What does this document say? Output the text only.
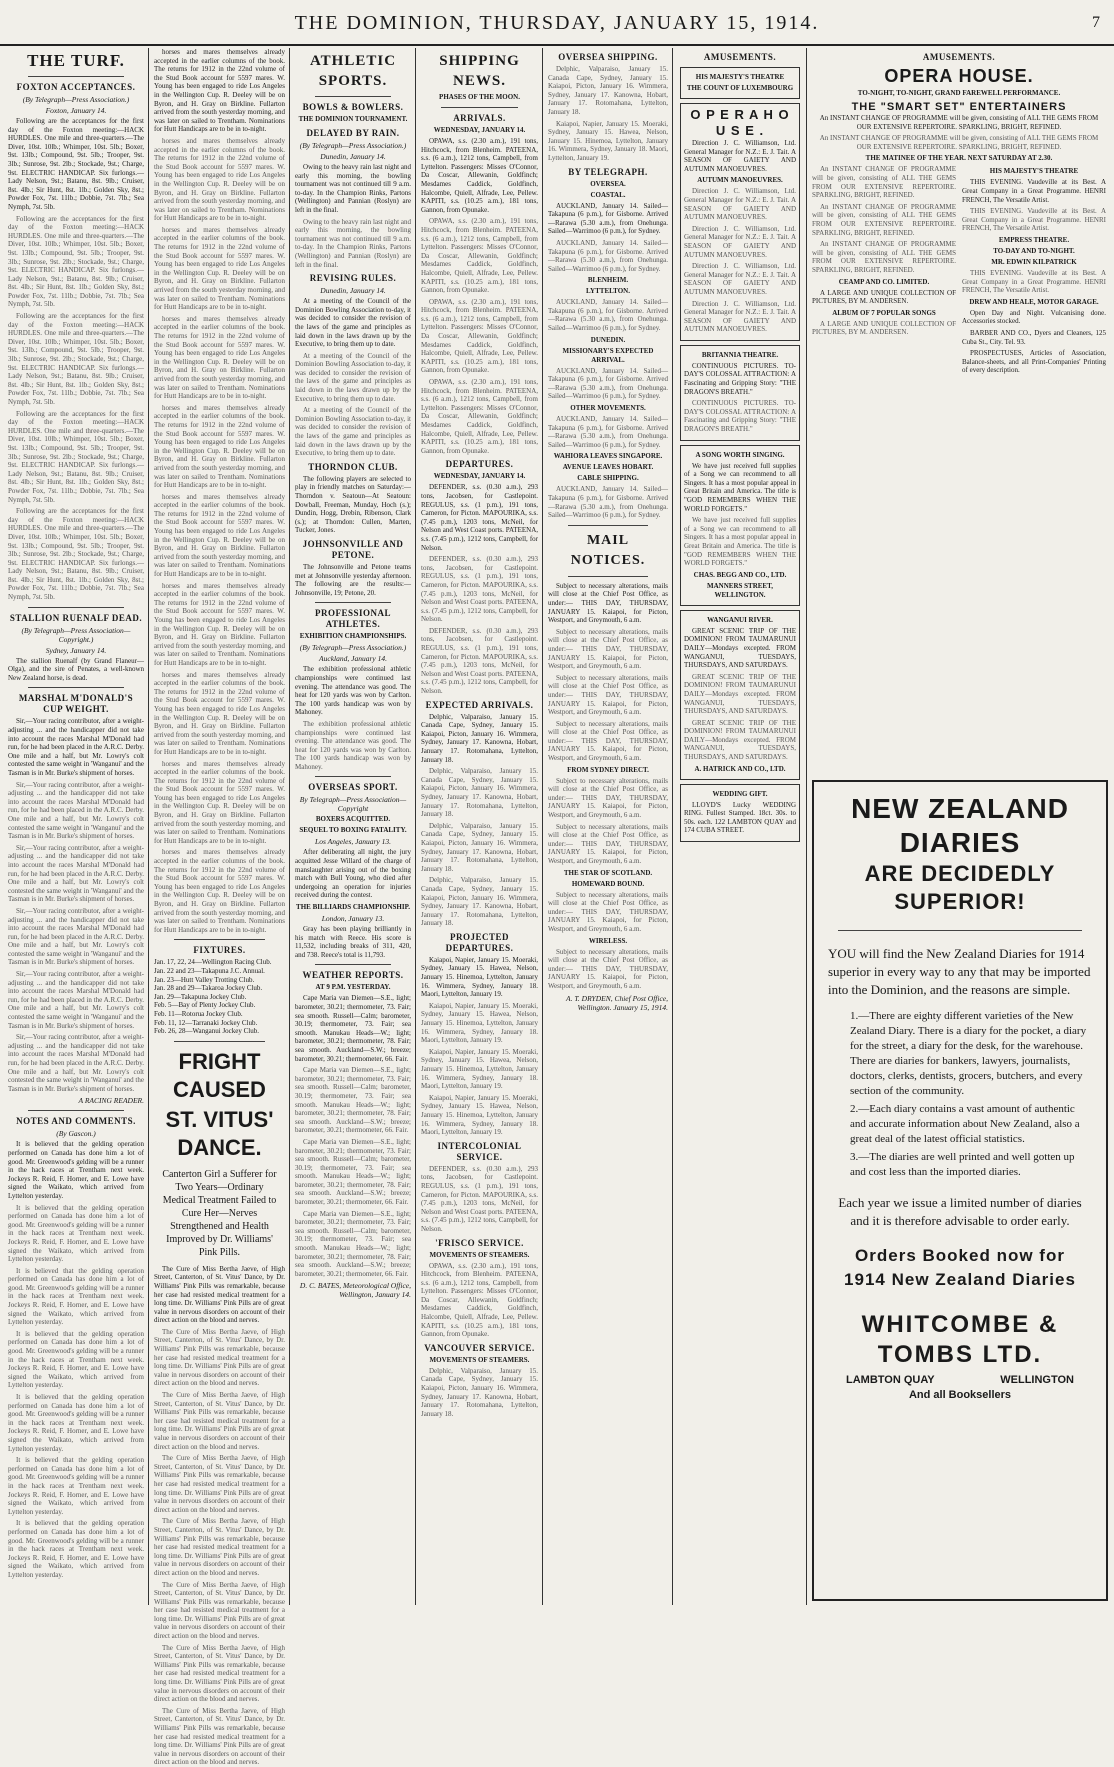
THE DOMINION, THURSDAY, JANUARY 15, 1914.	7
THE TURF.
FOXTON ACCEPTANCES.
(By Telegraph—Press Association.)
Foxton, January 14.

Following are the acceptances for the first day of the Foxton meeting:—HACK HURDLES. One mile and three-quarters.—The Diver, 10st. 10lb.; Whimper, 10st. 5lb.; Boxer, 9st. 13lb.; Compound, 9st. 5lb.; Trooper, 9st. 3lb.; Sunrose, 9st. 2lb.; Stockade, 9st.; Charge, 9st. ELECTRIC HANDICAP. Six furlongs.—Lady Nelson, 9st.; Batanu, 8st. 9lb.; Cruiser, 8st. 4lb.; Sir Hunt, 8st. 1lb.; Golden Sky, 8st.; Powder Fox, 7st. 11lb.; Dobbie, 7st. 7lb.; Sea Nymph, 7st. 5lb.

Following are the acceptances for the first day of the Foxton meeting:—HACK HURDLES. One mile and three-quarters.—The Diver, 10st. 10lb.; Whimper, 10st. 5lb.; Boxer, 9st. 13lb.; Compound, 9st. 5lb.; Trooper, 9st. 3lb.; Sunrose, 9st. 2lb.; Stockade, 9st.; Charge, 9st. ELECTRIC HANDICAP. Six furlongs.—Lady Nelson, 9st.; Batanu, 8st. 9lb.; Cruiser, 8st. 4lb.; Sir Hunt, 8st. 1lb.; Golden Sky, 8st.; Powder Fox, 7st. 11lb.; Dobbie, 7st. 7lb.; Sea Nymph, 7st. 5lb.

Following are the acceptances for the first day of the Foxton meeting:—HACK HURDLES. One mile and three-quarters.—The Diver, 10st. 10lb.; Whimper, 10st. 5lb.; Boxer, 9st. 13lb.; Compound, 9st. 5lb.; Trooper, 9st. 3lb.; Sunrose, 9st. 2lb.; Stockade, 9st.; Charge, 9st. ELECTRIC HANDICAP. Six furlongs.—Lady Nelson, 9st.; Batanu, 8st. 9lb.; Cruiser, 8st. 4lb.; Sir Hunt, 8st. 1lb.; Golden Sky, 8st.; Powder Fox, 7st. 11lb.; Dobbie, 7st. 7lb.; Sea Nymph, 7st. 5lb.

Following are the acceptances for the first day of the Foxton meeting:—HACK HURDLES. One mile and three-quarters.—The Diver, 10st. 10lb.; Whimper, 10st. 5lb.; Boxer, 9st. 13lb.; Compound, 9st. 5lb.; Trooper, 9st. 3lb.; Sunrose, 9st. 2lb.; Stockade, 9st.; Charge, 9st. ELECTRIC HANDICAP. Six furlongs.—Lady Nelson, 9st.; Batanu, 8st. 9lb.; Cruiser, 8st. 4lb.; Sir Hunt, 8st. 1lb.; Golden Sky, 8st.; Powder Fox, 7st. 11lb.; Dobbie, 7st. 7lb.; Sea Nymph, 7st. 5lb.

Following are the acceptances for the first day of the Foxton meeting:—HACK HURDLES. One mile and three-quarters.—The Diver, 10st. 10lb.; Whimper, 10st. 5lb.; Boxer, 9st. 13lb.; Compound, 9st. 5lb.; Trooper, 9st. 3lb.; Sunrose, 9st. 2lb.; Stockade, 9st.; Charge, 9st. ELECTRIC HANDICAP. Six furlongs.—Lady Nelson, 9st.; Batanu, 8st. 9lb.; Cruiser, 8st. 4lb.; Sir Hunt, 8st. 1lb.; Golden Sky, 8st.; Powder Fox, 7st. 11lb.; Dobbie, 7st. 7lb.; Sea Nymph, 7st. 5lb.

STALLION RUENALF DEAD.
(By Telegraph—Press Association—Copyright.)
Sydney, January 14.

The stallion Ruenalf (by Grand Flaneur—Olga), and the sire of Penates, a well-known New Zealand horse, is dead.

MARSHAL M'DONALD'S CUP WEIGHT.

Sir,—Your racing contributor, after a weight-adjusting ... and the handicapper did not take into account the races Marshal M'Donald had run, for he had been placed in the A.R.C. Derby. One mile and a half, but Mr. Lowry's colt contested the same weight in 'Wanganui' and the Tasman is in Mr. Burke's shipment of horses.

Sir,—Your racing contributor, after a weight-adjusting ... and the handicapper did not take into account the races Marshal M'Donald had run, for he had been placed in the A.R.C. Derby. One mile and a half, but Mr. Lowry's colt contested the same weight in 'Wanganui' and the Tasman is in Mr. Burke's shipment of horses.

Sir,—Your racing contributor, after a weight-adjusting ... and the handicapper did not take into account the races Marshal M'Donald had run, for he had been placed in the A.R.C. Derby. One mile and a half, but Mr. Lowry's colt contested the same weight in 'Wanganui' and the Tasman is in Mr. Burke's shipment of horses.

Sir,—Your racing contributor, after a weight-adjusting ... and the handicapper did not take into account the races Marshal M'Donald had run, for he had been placed in the A.R.C. Derby. One mile and a half, but Mr. Lowry's colt contested the same weight in 'Wanganui' and the Tasman is in Mr. Burke's shipment of horses.

Sir,—Your racing contributor, after a weight-adjusting ... and the handicapper did not take into account the races Marshal M'Donald had run, for he had been placed in the A.R.C. Derby. One mile and a half, but Mr. Lowry's colt contested the same weight in 'Wanganui' and the Tasman is in Mr. Burke's shipment of horses.

Sir,—Your racing contributor, after a weight-adjusting ... and the handicapper did not take into account the races Marshal M'Donald had run, for he had been placed in the A.R.C. Derby. One mile and a half, but Mr. Lowry's colt contested the same weight in 'Wanganui' and the Tasman is in Mr. Burke's shipment of horses.

A RACING READER.
NOTES AND COMMENTS.
(By Gascon.)

It is believed that the gelding operation performed on Canada has done him a lot of good. Mr. Greenwood's gelding will be a runner in the hack races at Trentham next week. Jockeys R. Reid, F. Horner, and E. Lowe have signed the Waikato, which arrived from Lyttelton yesterday.

It is believed that the gelding operation performed on Canada has done him a lot of good. Mr. Greenwood's gelding will be a runner in the hack races at Trentham next week. Jockeys R. Reid, F. Horner, and E. Lowe have signed the Waikato, which arrived from Lyttelton yesterday.

It is believed that the gelding operation performed on Canada has done him a lot of good. Mr. Greenwood's gelding will be a runner in the hack races at Trentham next week. Jockeys R. Reid, F. Horner, and E. Lowe have signed the Waikato, which arrived from Lyttelton yesterday.

It is believed that the gelding operation performed on Canada has done him a lot of good. Mr. Greenwood's gelding will be a runner in the hack races at Trentham next week. Jockeys R. Reid, F. Horner, and E. Lowe have signed the Waikato, which arrived from Lyttelton yesterday.

It is believed that the gelding operation performed on Canada has done him a lot of good. Mr. Greenwood's gelding will be a runner in the hack races at Trentham next week. Jockeys R. Reid, F. Horner, and E. Lowe have signed the Waikato, which arrived from Lyttelton yesterday.

It is believed that the gelding operation performed on Canada has done him a lot of good. Mr. Greenwood's gelding will be a runner in the hack races at Trentham next week. Jockeys R. Reid, F. Horner, and E. Lowe have signed the Waikato, which arrived from Lyttelton yesterday.

It is believed that the gelding operation performed on Canada has done him a lot of good. Mr. Greenwood's gelding will be a runner in the hack races at Trentham next week. Jockeys R. Reid, F. Horner, and E. Lowe have signed the Waikato, which arrived from Lyttelton yesterday.

horses and mares themselves already accepted in the earlier columns of the book. The returns for 1912 in the 22nd volume of the Stud Book account for 5597 mares. W. Young has been engaged to ride Los Angeles in the Wellington Cup. R. Deeley will be on Byron, and H. Gray on Birkline. Fullarton arrived from the south yesterday morning, and was later on sailed to Trentham. Nominations for Hutt Handicaps are to be in to-night.

horses and mares themselves already accepted in the earlier columns of the book. The returns for 1912 in the 22nd volume of the Stud Book account for 5597 mares. W. Young has been engaged to ride Los Angeles in the Wellington Cup. R. Deeley will be on Byron, and H. Gray on Birkline. Fullarton arrived from the south yesterday morning, and was later on sailed to Trentham. Nominations for Hutt Handicaps are to be in to-night.

horses and mares themselves already accepted in the earlier columns of the book. The returns for 1912 in the 22nd volume of the Stud Book account for 5597 mares. W. Young has been engaged to ride Los Angeles in the Wellington Cup. R. Deeley will be on Byron, and H. Gray on Birkline. Fullarton arrived from the south yesterday morning, and was later on sailed to Trentham. Nominations for Hutt Handicaps are to be in to-night.

horses and mares themselves already accepted in the earlier columns of the book. The returns for 1912 in the 22nd volume of the Stud Book account for 5597 mares. W. Young has been engaged to ride Los Angeles in the Wellington Cup. R. Deeley will be on Byron, and H. Gray on Birkline. Fullarton arrived from the south yesterday morning, and was later on sailed to Trentham. Nominations for Hutt Handicaps are to be in to-night.

horses and mares themselves already accepted in the earlier columns of the book. The returns for 1912 in the 22nd volume of the Stud Book account for 5597 mares. W. Young has been engaged to ride Los Angeles in the Wellington Cup. R. Deeley will be on Byron, and H. Gray on Birkline. Fullarton arrived from the south yesterday morning, and was later on sailed to Trentham. Nominations for Hutt Handicaps are to be in to-night.

horses and mares themselves already accepted in the earlier columns of the book. The returns for 1912 in the 22nd volume of the Stud Book account for 5597 mares. W. Young has been engaged to ride Los Angeles in the Wellington Cup. R. Deeley will be on Byron, and H. Gray on Birkline. Fullarton arrived from the south yesterday morning, and was later on sailed to Trentham. Nominations for Hutt Handicaps are to be in to-night.

horses and mares themselves already accepted in the earlier columns of the book. The returns for 1912 in the 22nd volume of the Stud Book account for 5597 mares. W. Young has been engaged to ride Los Angeles in the Wellington Cup. R. Deeley will be on Byron, and H. Gray on Birkline. Fullarton arrived from the south yesterday morning, and was later on sailed to Trentham. Nominations for Hutt Handicaps are to be in to-night.

horses and mares themselves already accepted in the earlier columns of the book. The returns for 1912 in the 22nd volume of the Stud Book account for 5597 mares. W. Young has been engaged to ride Los Angeles in the Wellington Cup. R. Deeley will be on Byron, and H. Gray on Birkline. Fullarton arrived from the south yesterday morning, and was later on sailed to Trentham. Nominations for Hutt Handicaps are to be in to-night.

horses and mares themselves already accepted in the earlier columns of the book. The returns for 1912 in the 22nd volume of the Stud Book account for 5597 mares. W. Young has been engaged to ride Los Angeles in the Wellington Cup. R. Deeley will be on Byron, and H. Gray on Birkline. Fullarton arrived from the south yesterday morning, and was later on sailed to Trentham. Nominations for Hutt Handicaps are to be in to-night.

horses and mares themselves already accepted in the earlier columns of the book. The returns for 1912 in the 22nd volume of the Stud Book account for 5597 mares. W. Young has been engaged to ride Los Angeles in the Wellington Cup. R. Deeley will be on Byron, and H. Gray on Birkline. Fullarton arrived from the south yesterday morning, and was later on sailed to Trentham. Nominations for Hutt Handicaps are to be in to-night.

FIXTURES.
Jan. 17, 22, 24—Wellington Racing Club.
Jan. 22 and 23—Takapuna J.C. Annual.
Jan. 23—Hutt Valley Trotting Club.
Jan. 28 and 29—Takaroa Jockey Club.
Jan. 29—Takapuna Jockey Club.
Feb. 5—Bay of Plenty Jockey Club.
Feb. 11—Rotorua Jockey Club.
Feb. 11, 12—Tarranaki Jockey Club.
Feb. 26, 28—Wanganui Jockey Club.
FRIGHT CAUSED
ST. VITUS' DANCE.
Canterton Girl a Sufferer for Two Years—Ordinary Medical Treatment Failed to Cure Her—Nerves Strengthened and Health Improved by Dr. Williams' Pink Pills.

The Cure of Miss Bertha Jaeve, of High Street, Canterton, of St. Vitus' Dance, by Dr. Williams' Pink Pills was remarkable, because her case had resisted medical treatment for a long time. Dr. Williams' Pink Pills are of great value in nervous disorders on account of their direct action on the blood and nerves.

The Cure of Miss Bertha Jaeve, of High Street, Canterton, of St. Vitus' Dance, by Dr. Williams' Pink Pills was remarkable, because her case had resisted medical treatment for a long time. Dr. Williams' Pink Pills are of great value in nervous disorders on account of their direct action on the blood and nerves.

The Cure of Miss Bertha Jaeve, of High Street, Canterton, of St. Vitus' Dance, by Dr. Williams' Pink Pills was remarkable, because her case had resisted medical treatment for a long time. Dr. Williams' Pink Pills are of great value in nervous disorders on account of their direct action on the blood and nerves.

The Cure of Miss Bertha Jaeve, of High Street, Canterton, of St. Vitus' Dance, by Dr. Williams' Pink Pills was remarkable, because her case had resisted medical treatment for a long time. Dr. Williams' Pink Pills are of great value in nervous disorders on account of their direct action on the blood and nerves.

The Cure of Miss Bertha Jaeve, of High Street, Canterton, of St. Vitus' Dance, by Dr. Williams' Pink Pills was remarkable, because her case had resisted medical treatment for a long time. Dr. Williams' Pink Pills are of great value in nervous disorders on account of their direct action on the blood and nerves.

The Cure of Miss Bertha Jaeve, of High Street, Canterton, of St. Vitus' Dance, by Dr. Williams' Pink Pills was remarkable, because her case had resisted medical treatment for a long time. Dr. Williams' Pink Pills are of great value in nervous disorders on account of their direct action on the blood and nerves.

The Cure of Miss Bertha Jaeve, of High Street, Canterton, of St. Vitus' Dance, by Dr. Williams' Pink Pills was remarkable, because her case had resisted medical treatment for a long time. Dr. Williams' Pink Pills are of great value in nervous disorders on account of their direct action on the blood and nerves.

The Cure of Miss Bertha Jaeve, of High Street, Canterton, of St. Vitus' Dance, by Dr. Williams' Pink Pills was remarkable, because her case had resisted medical treatment for a long time. Dr. Williams' Pink Pills are of great value in nervous disorders on account of their direct action on the blood and nerves.

ATHLETIC SPORTS.
BOWLS & BOWLERS.
THE DOMINION TOURNAMENT.
DELAYED BY RAIN.
(By Telegraph—Press Association.)
Dunedin, January 14.

Owing to the heavy rain last night and early this morning, the bowling tournament was not continued till 9 a.m. to-day. In the Champion Rinks, Partons (Wellington) and Pannian (Roslyn) are left in the final.

Owing to the heavy rain last night and early this morning, the bowling tournament was not continued till 9 a.m. to-day. In the Champion Rinks, Partons (Wellington) and Pannian (Roslyn) are left in the final.

REVISING RULES.
Dunedin, January 14.

At a meeting of the Council of the Dominion Bowling Association to-day, it was decided to consider the revision of the laws of the game and principles as laid down in the laws drawn up by the Executive, to bring them up to date.

At a meeting of the Council of the Dominion Bowling Association to-day, it was decided to consider the revision of the laws of the game and principles as laid down in the laws drawn up by the Executive, to bring them up to date.

At a meeting of the Council of the Dominion Bowling Association to-day, it was decided to consider the revision of the laws of the game and principles as laid down in the laws drawn up by the Executive, to bring them up to date.

THORNDON CLUB.

The following players are selected to play in friendly matches on Saturday:—Thorndon v. Seatoun—At Seatoun: Dowball, Freeman, Munday, Hoch (s.); Dundin, Hogg, Drebin, Ribenson, Clark (s.); at Thorndon: Cullen, Marten, Tucker, Jones.

JOHNSONVILLE AND PETONE.

The Johnsonville and Petone teams met at Johnsonville yesterday afternoon. The following are the results:—Johnsonville, 19; Petone, 20.

PROFESSIONAL ATHLETES.
EXHIBITION CHAMPIONSHIPS.
(By Telegraph—Press Association.)
Auckland, January 14.

The exhibition professional athletic championships were continued last evening. The attendance was good. The heat for 120 yards was won by Carlton. The 100 yards handicap was won by Mahoney.

The exhibition professional athletic championships were continued last evening. The attendance was good. The heat for 120 yards was won by Carlton. The 100 yards handicap was won by Mahoney.

OVERSEAS SPORT.
By Telegraph—Press Association—Copyright
BOXERS ACQUITTED.
SEQUEL TO BOXING FATALITY.
Los Angeles, January 13.

After deliberating all night, the jury acquitted Jesse Willard of the charge of manslaughter arising out of the boxing match with Bull Young, who died after undergoing an operation for injuries received during the contest.

THE BILLIARDS CHAMPIONSHIP.
London, January 13.

Gray has been playing brilliantly in his match with Reece. His score is 11,532, including breaks of 311, 420, and 738. Reece's total is 11,793.

WEATHER REPORTS.
AT 9 P.M. YESTERDAY.

Cape Maria van Diemen—S.E., light; barometer, 30.21; thermometer, 73. Fair; sea smooth. Russell—Calm; barometer, 30.19; thermometer, 73. Fair; sea smooth. Manukau Heads—W.; light; barometer, 30.21; thermometer, 78. Fair; sea smooth. Auckland—S.W.; breeze; barometer, 30.21; thermometer, 66. Fair.

Cape Maria van Diemen—S.E., light; barometer, 30.21; thermometer, 73. Fair; sea smooth. Russell—Calm; barometer, 30.19; thermometer, 73. Fair; sea smooth. Manukau Heads—W.; light; barometer, 30.21; thermometer, 78. Fair; sea smooth. Auckland—S.W.; breeze; barometer, 30.21; thermometer, 66. Fair.

Cape Maria van Diemen—S.E., light; barometer, 30.21; thermometer, 73. Fair; sea smooth. Russell—Calm; barometer, 30.19; thermometer, 73. Fair; sea smooth. Manukau Heads—W.; light; barometer, 30.21; thermometer, 78. Fair; sea smooth. Auckland—S.W.; breeze; barometer, 30.21; thermometer, 66. Fair.

Cape Maria van Diemen—S.E., light; barometer, 30.21; thermometer, 73. Fair; sea smooth. Russell—Calm; barometer, 30.19; thermometer, 73. Fair; sea smooth. Manukau Heads—W.; light; barometer, 30.21; thermometer, 78. Fair; sea smooth. Auckland—S.W.; breeze; barometer, 30.21; thermometer, 66. Fair.

D. C. BATES, Meteorological Office, Wellington, January 14.
SHIPPING NEWS.
PHASES OF THE MOON.
ARRIVALS.
WEDNESDAY, JANUARY 14.

OPAWA, s.s. (2.30 a.m.), 191 tons, Hitchcock, from Blenheim. PATEENA, s.s. (6 a.m.), 1212 tons, Campbell, from Lyttelton. Passengers: Misses O'Connor, Da Coscar, Allewanin, Goldfinch; Mesdames Caddick, Goldfinch, Halcombe, Quiell, Alfrade, Lee, Pellew. KAPITI, s.s. (10.25 a.m.), 181 tons, Gannon, from Opunake.

OPAWA, s.s. (2.30 a.m.), 191 tons, Hitchcock, from Blenheim. PATEENA, s.s. (6 a.m.), 1212 tons, Campbell, from Lyttelton. Passengers: Misses O'Connor, Da Coscar, Allewanin, Goldfinch; Mesdames Caddick, Goldfinch, Halcombe, Quiell, Alfrade, Lee, Pellew. KAPITI, s.s. (10.25 a.m.), 181 tons, Gannon, from Opunake.

OPAWA, s.s. (2.30 a.m.), 191 tons, Hitchcock, from Blenheim. PATEENA, s.s. (6 a.m.), 1212 tons, Campbell, from Lyttelton. Passengers: Misses O'Connor, Da Coscar, Allewanin, Goldfinch; Mesdames Caddick, Goldfinch, Halcombe, Quiell, Alfrade, Lee, Pellew. KAPITI, s.s. (10.25 a.m.), 181 tons, Gannon, from Opunake.

OPAWA, s.s. (2.30 a.m.), 191 tons, Hitchcock, from Blenheim. PATEENA, s.s. (6 a.m.), 1212 tons, Campbell, from Lyttelton. Passengers: Misses O'Connor, Da Coscar, Allewanin, Goldfinch; Mesdames Caddick, Goldfinch, Halcombe, Quiell, Alfrade, Lee, Pellew. KAPITI, s.s. (10.25 a.m.), 181 tons, Gannon, from Opunake.

DEPARTURES.
WEDNESDAY, JANUARY 14.

DEFENDER, s.s. (0.30 a.m.), 293 tons, Jacobsen, for Castlepoint. REGULUS, s.s. (1 p.m.), 191 tons, Cameron, for Picton. MAPOURIKA, s.s. (7.45 p.m.), 1203 tons, McNeil, for Nelson and West Coast ports. PATEENA, s.s. (7.45 p.m.), 1212 tons, Campbell, for Nelson.

DEFENDER, s.s. (0.30 a.m.), 293 tons, Jacobsen, for Castlepoint. REGULUS, s.s. (1 p.m.), 191 tons, Cameron, for Picton. MAPOURIKA, s.s. (7.45 p.m.), 1203 tons, McNeil, for Nelson and West Coast ports. PATEENA, s.s. (7.45 p.m.), 1212 tons, Campbell, for Nelson.

DEFENDER, s.s. (0.30 a.m.), 293 tons, Jacobsen, for Castlepoint. REGULUS, s.s. (1 p.m.), 191 tons, Cameron, for Picton. MAPOURIKA, s.s. (7.45 p.m.), 1203 tons, McNeil, for Nelson and West Coast ports. PATEENA, s.s. (7.45 p.m.), 1212 tons, Campbell, for Nelson.

EXPECTED ARRIVALS.

Delphic, Valparaiso, January 15. Canada Cape, Sydney, January 15. Kaiapoi, Picton, January 16. Wimmera, Sydney, January 17. Kanowna, Hobart, January 17. Rotomahana, Lyttelton, January 18.

Delphic, Valparaiso, January 15. Canada Cape, Sydney, January 15. Kaiapoi, Picton, January 16. Wimmera, Sydney, January 17. Kanowna, Hobart, January 17. Rotomahana, Lyttelton, January 18.

Delphic, Valparaiso, January 15. Canada Cape, Sydney, January 15. Kaiapoi, Picton, January 16. Wimmera, Sydney, January 17. Kanowna, Hobart, January 17. Rotomahana, Lyttelton, January 18.

Delphic, Valparaiso, January 15. Canada Cape, Sydney, January 15. Kaiapoi, Picton, January 16. Wimmera, Sydney, January 17. Kanowna, Hobart, January 17. Rotomahana, Lyttelton, January 18.

PROJECTED DEPARTURES.

Kaiapoi, Napier, January 15. Moeraki, Sydney, January 15. Hawea, Nelson, January 15. Hinemoa, Lyttelton, January 16. Wimmera, Sydney, January 18. Maori, Lyttelton, January 19.

Kaiapoi, Napier, January 15. Moeraki, Sydney, January 15. Hawea, Nelson, January 15. Hinemoa, Lyttelton, January 16. Wimmera, Sydney, January 18. Maori, Lyttelton, January 19.

Kaiapoi, Napier, January 15. Moeraki, Sydney, January 15. Hawea, Nelson, January 15. Hinemoa, Lyttelton, January 16. Wimmera, Sydney, January 18. Maori, Lyttelton, January 19.

Kaiapoi, Napier, January 15. Moeraki, Sydney, January 15. Hawea, Nelson, January 15. Hinemoa, Lyttelton, January 16. Wimmera, Sydney, January 18. Maori, Lyttelton, January 19.

INTERCOLONIAL SERVICE.

DEFENDER, s.s. (0.30 a.m.), 293 tons, Jacobsen, for Castlepoint. REGULUS, s.s. (1 p.m.), 191 tons, Cameron, for Picton. MAPOURIKA, s.s. (7.45 p.m.), 1203 tons, McNeil, for Nelson and West Coast ports. PATEENA, s.s. (7.45 p.m.), 1212 tons, Campbell, for Nelson.

'FRISCO SERVICE.
MOVEMENTS OF STEAMERS.

OPAWA, s.s. (2.30 a.m.), 191 tons, Hitchcock, from Blenheim. PATEENA, s.s. (6 a.m.), 1212 tons, Campbell, from Lyttelton. Passengers: Misses O'Connor, Da Coscar, Allewanin, Goldfinch; Mesdames Caddick, Goldfinch, Halcombe, Quiell, Alfrade, Lee, Pellew. KAPITI, s.s. (10.25 a.m.), 181 tons, Gannon, from Opunake.

VANCOUVER SERVICE.
MOVEMENTS OF STEAMERS.

Delphic, Valparaiso, January 15. Canada Cape, Sydney, January 15. Kaiapoi, Picton, January 16. Wimmera, Sydney, January 17. Kanowna, Hobart, January 17. Rotomahana, Lyttelton, January 18.

OVERSEA SHIPPING.

Delphic, Valparaiso, January 15. Canada Cape, Sydney, January 15. Kaiapoi, Picton, January 16. Wimmera, Sydney, January 17. Kanowna, Hobart, January 17. Rotomahana, Lyttelton, January 18.

Kaiapoi, Napier, January 15. Moeraki, Sydney, January 15. Hawea, Nelson, January 15. Hinemoa, Lyttelton, January 16. Wimmera, Sydney, January 18. Maori, Lyttelton, January 19.

BY TELEGRAPH.
OVERSEA.
COASTAL.

AUCKLAND, January 14. Sailed—Takapuna (6 p.m.), for Gisborne. Arrived—Rarawa (5.30 a.m.), from Onehunga. Sailed—Warrimoo (6 p.m.), for Sydney.

AUCKLAND, January 14. Sailed—Takapuna (6 p.m.), for Gisborne. Arrived—Rarawa (5.30 a.m.), from Onehunga. Sailed—Warrimoo (6 p.m.), for Sydney.

BLENHEIM.
LYTTELTON.

AUCKLAND, January 14. Sailed—Takapuna (6 p.m.), for Gisborne. Arrived—Rarawa (5.30 a.m.), from Onehunga. Sailed—Warrimoo (6 p.m.), for Sydney.

DUNEDIN.
MISSIONARY'S EXPECTED ARRIVAL.

AUCKLAND, January 14. Sailed—Takapuna (6 p.m.), for Gisborne. Arrived—Rarawa (5.30 a.m.), from Onehunga. Sailed—Warrimoo (6 p.m.), for Sydney.

OTHER MOVEMENTS.

AUCKLAND, January 14. Sailed—Takapuna (6 p.m.), for Gisborne. Arrived—Rarawa (5.30 a.m.), from Onehunga. Sailed—Warrimoo (6 p.m.), for Sydney.

WAHIORA LEAVES SINGAPORE.
AVENUE LEAVES HOBART.
CABLE SHIPPING.

AUCKLAND, January 14. Sailed—Takapuna (6 p.m.), for Gisborne. Arrived—Rarawa (5.30 a.m.), from Onehunga. Sailed—Warrimoo (6 p.m.), for Sydney.

MAIL NOTICES.

Subject to necessary alterations, mails will close at the Chief Post Office, as under:— THIS DAY, THURSDAY, JANUARY 15. Kaiapoi, for Picton, Westport, and Greymouth, 6 a.m.

Subject to necessary alterations, mails will close at the Chief Post Office, as under:— THIS DAY, THURSDAY, JANUARY 15. Kaiapoi, for Picton, Westport, and Greymouth, 6 a.m.

Subject to necessary alterations, mails will close at the Chief Post Office, as under:— THIS DAY, THURSDAY, JANUARY 15. Kaiapoi, for Picton, Westport, and Greymouth, 6 a.m.

Subject to necessary alterations, mails will close at the Chief Post Office, as under:— THIS DAY, THURSDAY, JANUARY 15. Kaiapoi, for Picton, Westport, and Greymouth, 6 a.m.

FROM SYDNEY DIRECT.

Subject to necessary alterations, mails will close at the Chief Post Office, as under:— THIS DAY, THURSDAY, JANUARY 15. Kaiapoi, for Picton, Westport, and Greymouth, 6 a.m.

Subject to necessary alterations, mails will close at the Chief Post Office, as under:— THIS DAY, THURSDAY, JANUARY 15. Kaiapoi, for Picton, Westport, and Greymouth, 6 a.m.

THE STAR OF SCOTLAND.
HOMEWARD BOUND.

Subject to necessary alterations, mails will close at the Chief Post Office, as under:— THIS DAY, THURSDAY, JANUARY 15. Kaiapoi, for Picton, Westport, and Greymouth, 6 a.m.

WIRELESS.

Subject to necessary alterations, mails will close at the Chief Post Office, as under:— THIS DAY, THURSDAY, JANUARY 15. Kaiapoi, for Picton, Westport, and Greymouth, 6 a.m.

A. T. DRYDEN, Chief Post Office, Wellington. January 15, 1914.
AMUSEMENTS.
HIS MAJESTY'S THEATRE
THE COUNT OF LUXEMBOURG
O P E R A H O U S E .

Direction J. C. Williamson, Ltd. General Manager for N.Z.: E. J. Tait. A SEASON OF GAIETY AND AUTUMN MANOEUVRES.

AUTUMN MANOEUVRES.

Direction J. C. Williamson, Ltd. General Manager for N.Z.: E. J. Tait. A SEASON OF GAIETY AND AUTUMN MANOEUVRES.

Direction J. C. Williamson, Ltd. General Manager for N.Z.: E. J. Tait. A SEASON OF GAIETY AND AUTUMN MANOEUVRES.

Direction J. C. Williamson, Ltd. General Manager for N.Z.: E. J. Tait. A SEASON OF GAIETY AND AUTUMN MANOEUVRES.

Direction J. C. Williamson, Ltd. General Manager for N.Z.: E. J. Tait. A SEASON OF GAIETY AND AUTUMN MANOEUVRES.

BRITANNIA THEATRE.

CONTINUOUS PICTURES. TO-DAY'S COLOSSAL ATTRACTION: A Fascinating and Gripping Story: "THE DRAGON'S BREATH."

CONTINUOUS PICTURES. TO-DAY'S COLOSSAL ATTRACTION: A Fascinating and Gripping Story: "THE DRAGON'S BREATH."

A SONG WORTH SINGING.

We have just received full supplies of a Song we can recommend to all Singers. It has a most popular appeal in Great Britain and America. The title is "GOD REMEMBERS WHEN THE WORLD FORGETS."

We have just received full supplies of a Song we can recommend to all Singers. It has a most popular appeal in Great Britain and America. The title is "GOD REMEMBERS WHEN THE WORLD FORGETS."

CHAS. BEGG AND CO., LTD.
MANNERS STREET, WELLINGTON.
WANGANUI RIVER.

GREAT SCENIC TRIP OF THE DOMINION! FROM TAUMARUNUI DAILY—Mondays excepted. FROM WANGANUI, TUESDAYS, THURSDAYS, AND SATURDAYS.

GREAT SCENIC TRIP OF THE DOMINION! FROM TAUMARUNUI DAILY—Mondays excepted. FROM WANGANUI, TUESDAYS, THURSDAYS, AND SATURDAYS.

GREAT SCENIC TRIP OF THE DOMINION! FROM TAUMARUNUI DAILY—Mondays excepted. FROM WANGANUI, TUESDAYS, THURSDAYS, AND SATURDAYS.

A. HATRICK AND CO., LTD.
WEDDING GIFT.

LLOYD'S Lucky WEDDING RING. Fullest Stamped. 18ct. 30s. to 50s. each. 122 LAMBTON QUAY and 174 CUBA STREET.

AMUSEMENTS.
OPERA HOUSE.
TO-NIGHT, TO-NIGHT, GRAND FAREWELL PERFORMANCE.
THE "SMART SET" ENTERTAINERS

An INSTANT CHANGE OF PROGRAMME will be given, consisting of ALL THE GEMS FROM OUR EXTENSIVE REPERTOIRE. SPARKLING, BRIGHT, REFINED.

An INSTANT CHANGE OF PROGRAMME will be given, consisting of ALL THE GEMS FROM OUR EXTENSIVE REPERTOIRE. SPARKLING, BRIGHT, REFINED.

THE MATINEE OF THE YEAR. NEXT SATURDAY AT 2.30.

An INSTANT CHANGE OF PROGRAMME will be given, consisting of ALL THE GEMS FROM OUR EXTENSIVE REPERTOIRE. SPARKLING, BRIGHT, REFINED.

An INSTANT CHANGE OF PROGRAMME will be given, consisting of ALL THE GEMS FROM OUR EXTENSIVE REPERTOIRE. SPARKLING, BRIGHT, REFINED.

An INSTANT CHANGE OF PROGRAMME will be given, consisting of ALL THE GEMS FROM OUR EXTENSIVE REPERTOIRE. SPARKLING, BRIGHT, REFINED.

CEAMP AND CO. LIMITED.

A LARGE AND UNIQUE COLLECTION OF PICTURES, BY M. ANDERSEN.

ALBUM OF 7 POPULAR SONGS

A LARGE AND UNIQUE COLLECTION OF PICTURES, BY M. ANDERSEN.

HIS MAJESTY'S THEATRE

THIS EVENING. Vaudeville at its Best. A Great Company in a Great Programme. HENRI FRENCH, The Versatile Artist.

THIS EVENING. Vaudeville at its Best. A Great Company in a Great Programme. HENRI FRENCH, The Versatile Artist.

EMPRESS THEATRE.
TO-DAY AND TO-NIGHT.
MR. EDWIN KILPATRICK

THIS EVENING. Vaudeville at its Best. A Great Company in a Great Programme. HENRI FRENCH, The Versatile Artist.

DREW AND HEALE, MOTOR GARAGE.

Open Day and Night. Vulcanising done. Accessories stocked.

BARBER AND CO., Dyers and Cleaners, 125 Cuba St., City. Tel. 93.

PROSPECTUSES, Articles of Association, Balance-sheets, and all Print-Companies' Printing of every description.

NEW ZEALAND DIARIES
ARE DECIDEDLY SUPERIOR!

YOU will find the New Zealand Diaries for 1914 superior in every way to any that may be imported into the Dominion, and the reasons are simple.

1.—There are eighty different varieties of the New Zealand Diary. There is a diary for the pocket, a diary for the street, a diary for the desk, for the warehouse. There are diaries for bankers, lawyers, journalists, doctors, clerks, dentists, grocers, butchers, and every section of the community.
2.—Each diary contains a vast amount of authentic and accurate information about New Zealand, also a great deal of the latest official statistics.
3.—The diaries are well printed and well gotten up and cost less than the imported diaries.

Each year we issue a limited number of diaries and it is therefore advisable to order early.

Orders Booked now for 1914 New Zealand Diaries
WHITCOMBE & TOMBS LTD.
LAMBTON QUAY	WELLINGTON
And all Booksellers
